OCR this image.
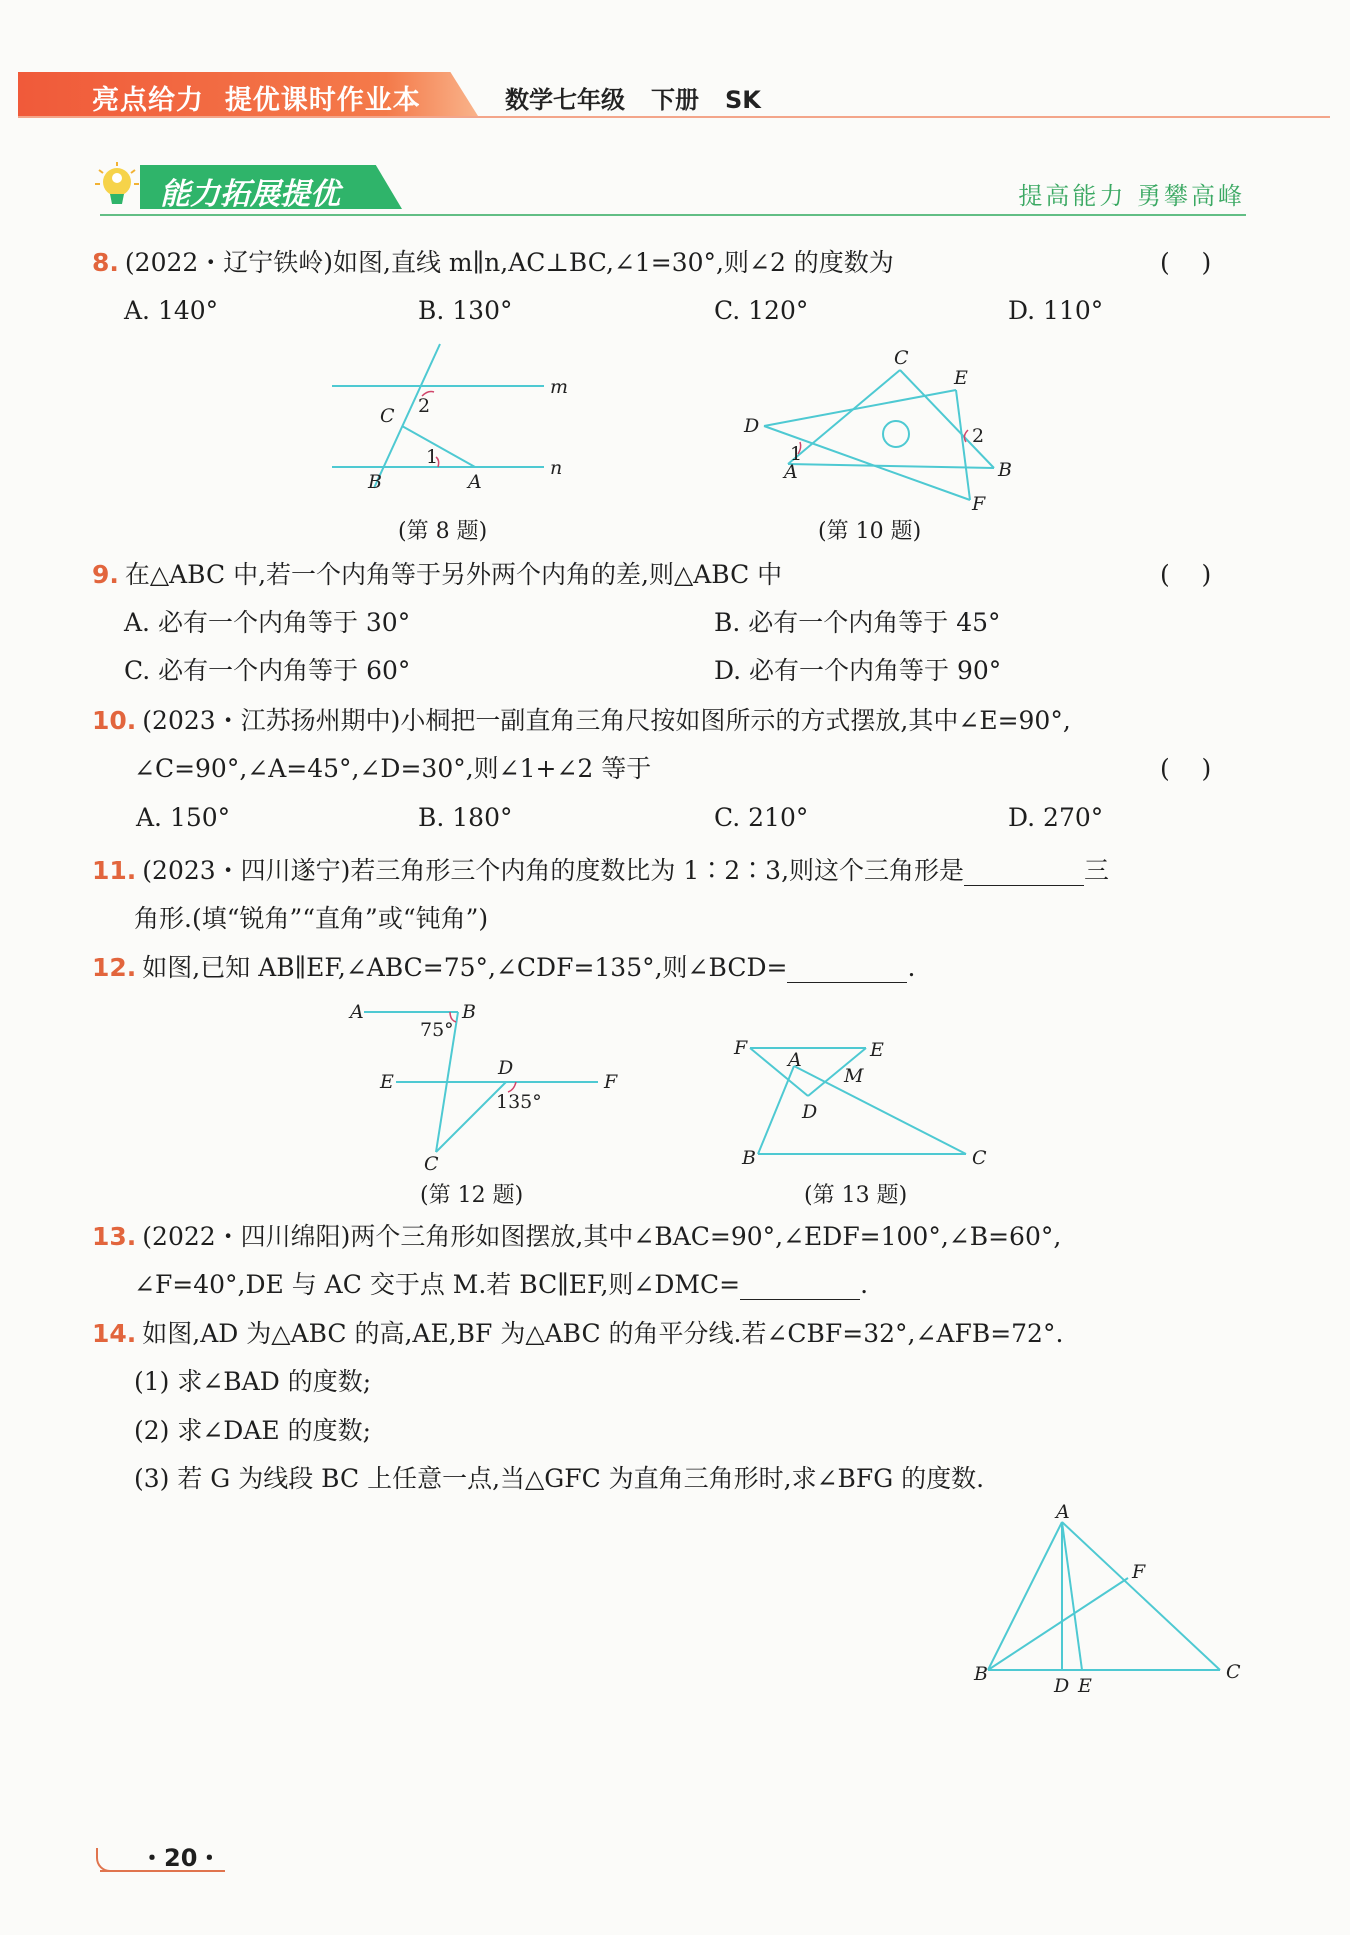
亮点给力 提优课时作业本	数学七年级 下册 SK
能力拓展提优	提高能力 勇攀高峰
8. (2022・辽宁铁岭)如图,直线 m∥n,AC⊥BC,∠1=30°,则∠2 的度数为	(    )
A. 140°	B. 130°	C. 120°	D. 110°
m
n
C 2
1
B	A
(第 8 题)
C
E
D	2
1
A	B
F
(第 10 题)
9. 在△ABC 中,若一个内角等于另外两个内角的差,则△ABC 中	(    )
A. 必有一个内角等于 30°	B. 必有一个内角等于 45°
C. 必有一个内角等于 60°	D. 必有一个内角等于 90°
10. (2023・江苏扬州期中)小桐把一副直角三角尺按如图所示的方式摆放,其中∠E=90°,
∠C=90°,∠A=45°,∠D=30°,则∠1+∠2 等于	(    )
A. 150°	B. 180°	C. 210°	D. 270°
11. (2023・四川遂宁)若三角形三个内角的度数比为 1∶2∶3,则这个三角形是	三
角形.(填“锐角”“直角”或“钝角”)
12. 如图,已知 AB∥EF,∠ABC=75°,∠CDF=135°,则∠BCD=	.
A	B
75°
E
D
F
135°
C
(第 12 题)
F	E
A
M
D
B	C
(第 13 题)
13. (2022・四川绵阳)两个三角形如图摆放,其中∠BAC=90°,∠EDF=100°,∠B=60°,
∠F=40°,DE 与 AC 交于点 M.若 BC∥EF,则∠DMC=	.
14. 如图,AD 为△ABC 的高,AE,BF 为△ABC 的角平分线.若∠CBF=32°,∠AFB=72°.
(1) 求∠BAD 的度数;
(2) 求∠DAE 的度数;
(3) 若 G 为线段 BC 上任意一点,当△GFC 为直角三角形时,求∠BFG 的度数.
A
F
B
D E
C
・20・
